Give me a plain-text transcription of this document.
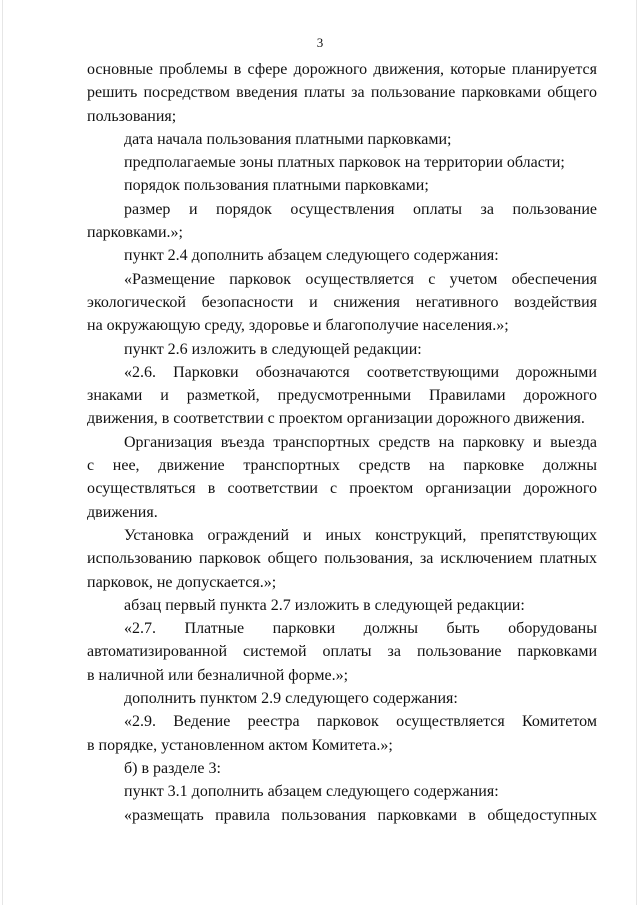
3
основные проблемы в сфере дорожного движения, которые планируется
решить посредством введения платы за пользование парковками общего
пользования;
дата начала пользования платными парковками;
предполагаемые зоны платных парковок на территории области;
порядок пользования платными парковками;
размер и порядок осуществления оплаты за пользование
парковками.»;
пункт 2.4 дополнить абзацем следующего содержания:
«Размещение парковок осуществляется с учетом обеспечения
экологической безопасности и снижения негативного воздействия
на окружающую среду, здоровье и благополучие населения.»;
пункт 2.6 изложить в следующей редакции:
«2.6. Парковки обозначаются соответствующими дорожными
знаками и разметкой, предусмотренными Правилами дорожного
движения, в соответствии с проектом организации дорожного движения.
Организация въезда транспортных средств на парковку и выезда
с нее, движение транспортных средств на парковке должны
осуществляться в соответствии с проектом организации дорожного
движения.
Установка ограждений и иных конструкций, препятствующих
использованию парковок общего пользования, за исключением платных
парковок, не допускается.»;
абзац первый пункта 2.7 изложить в следующей редакции:
«2.7. Платные парковки должны быть оборудованы
автоматизированной системой оплаты за пользование парковками
в наличной или безналичной форме.»;
дополнить пунктом 2.9 следующего содержания:
«2.9. Ведение реестра парковок осуществляется Комитетом
в порядке, установленном актом Комитета.»;
б) в разделе 3:
пункт 3.1 дополнить абзацем следующего содержания:
«размещать правила пользования парковками в общедоступных
